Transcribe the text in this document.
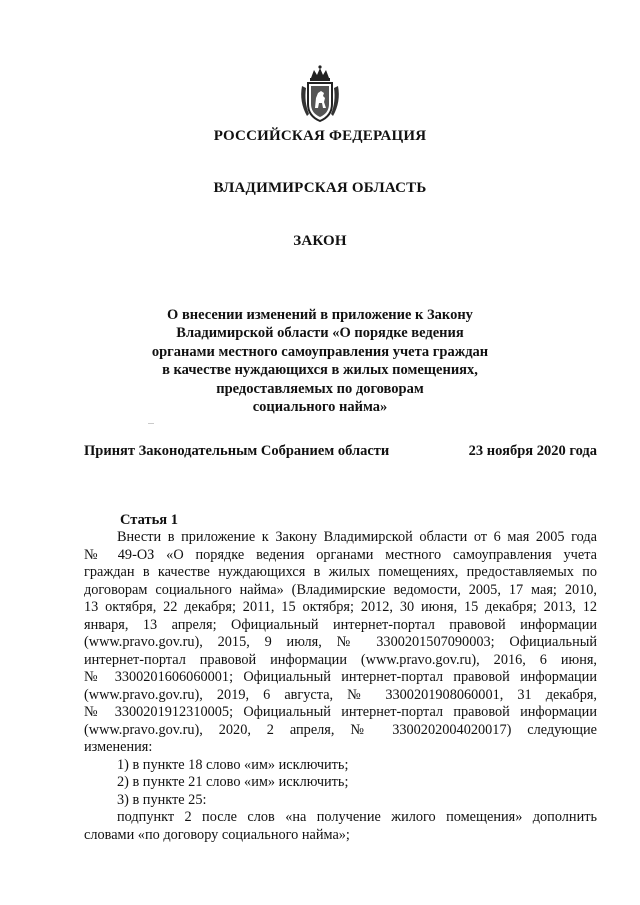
РОССИЙСКАЯ ФЕДЕРАЦИЯ
ВЛАДИМИРСКАЯ ОБЛАСТЬ
ЗАКОН
О внесении изменений в приложение к Закону
Владимирской области «О порядке ведения
органами местного самоуправления учета граждан
в качестве нуждающихся в жилых помещениях,
предоставляемых по договорам
социального найма»
...
Принят Законодательным Собранием области	23 ноября 2020 года
Статья 1
Внести в приложение к Закону Владимирской области от 6 мая 2005 года
№ 49-ОЗ «О порядке ведения органами местного самоуправления учета
граждан в качестве нуждающихся в жилых помещениях, предоставляемых по
договорам социального найма» (Владимирские ведомости, 2005, 17 мая; 2010,
13 октября, 22 декабря; 2011, 15 октября; 2012, 30 июня, 15 декабря; 2013, 12
января, 13 апреля; Официальный интернет-портал правовой информации
(www.pravo.gov.ru), 2015, 9 июля, № 3300201507090003; Официальный
интернет-портал правовой информации (www.pravo.gov.ru), 2016, 6 июня,
№ 3300201606060001; Официальный интернет-портал правовой информации
(www.pravo.gov.ru), 2019, 6 августа, № 3300201908060001, 31 декабря,
№ 3300201912310005; Официальный интернет-портал правовой информации
(www.pravo.gov.ru), 2020, 2 апреля, № 3300202004020017) следующие
изменения:
1) в пункте 18 слово «им» исключить;
2) в пункте 21 слово «им» исключить;
3) в пункте 25:
подпункт 2 после слов «на получение жилого помещения» дополнить
словами «по договору социального найма»;
